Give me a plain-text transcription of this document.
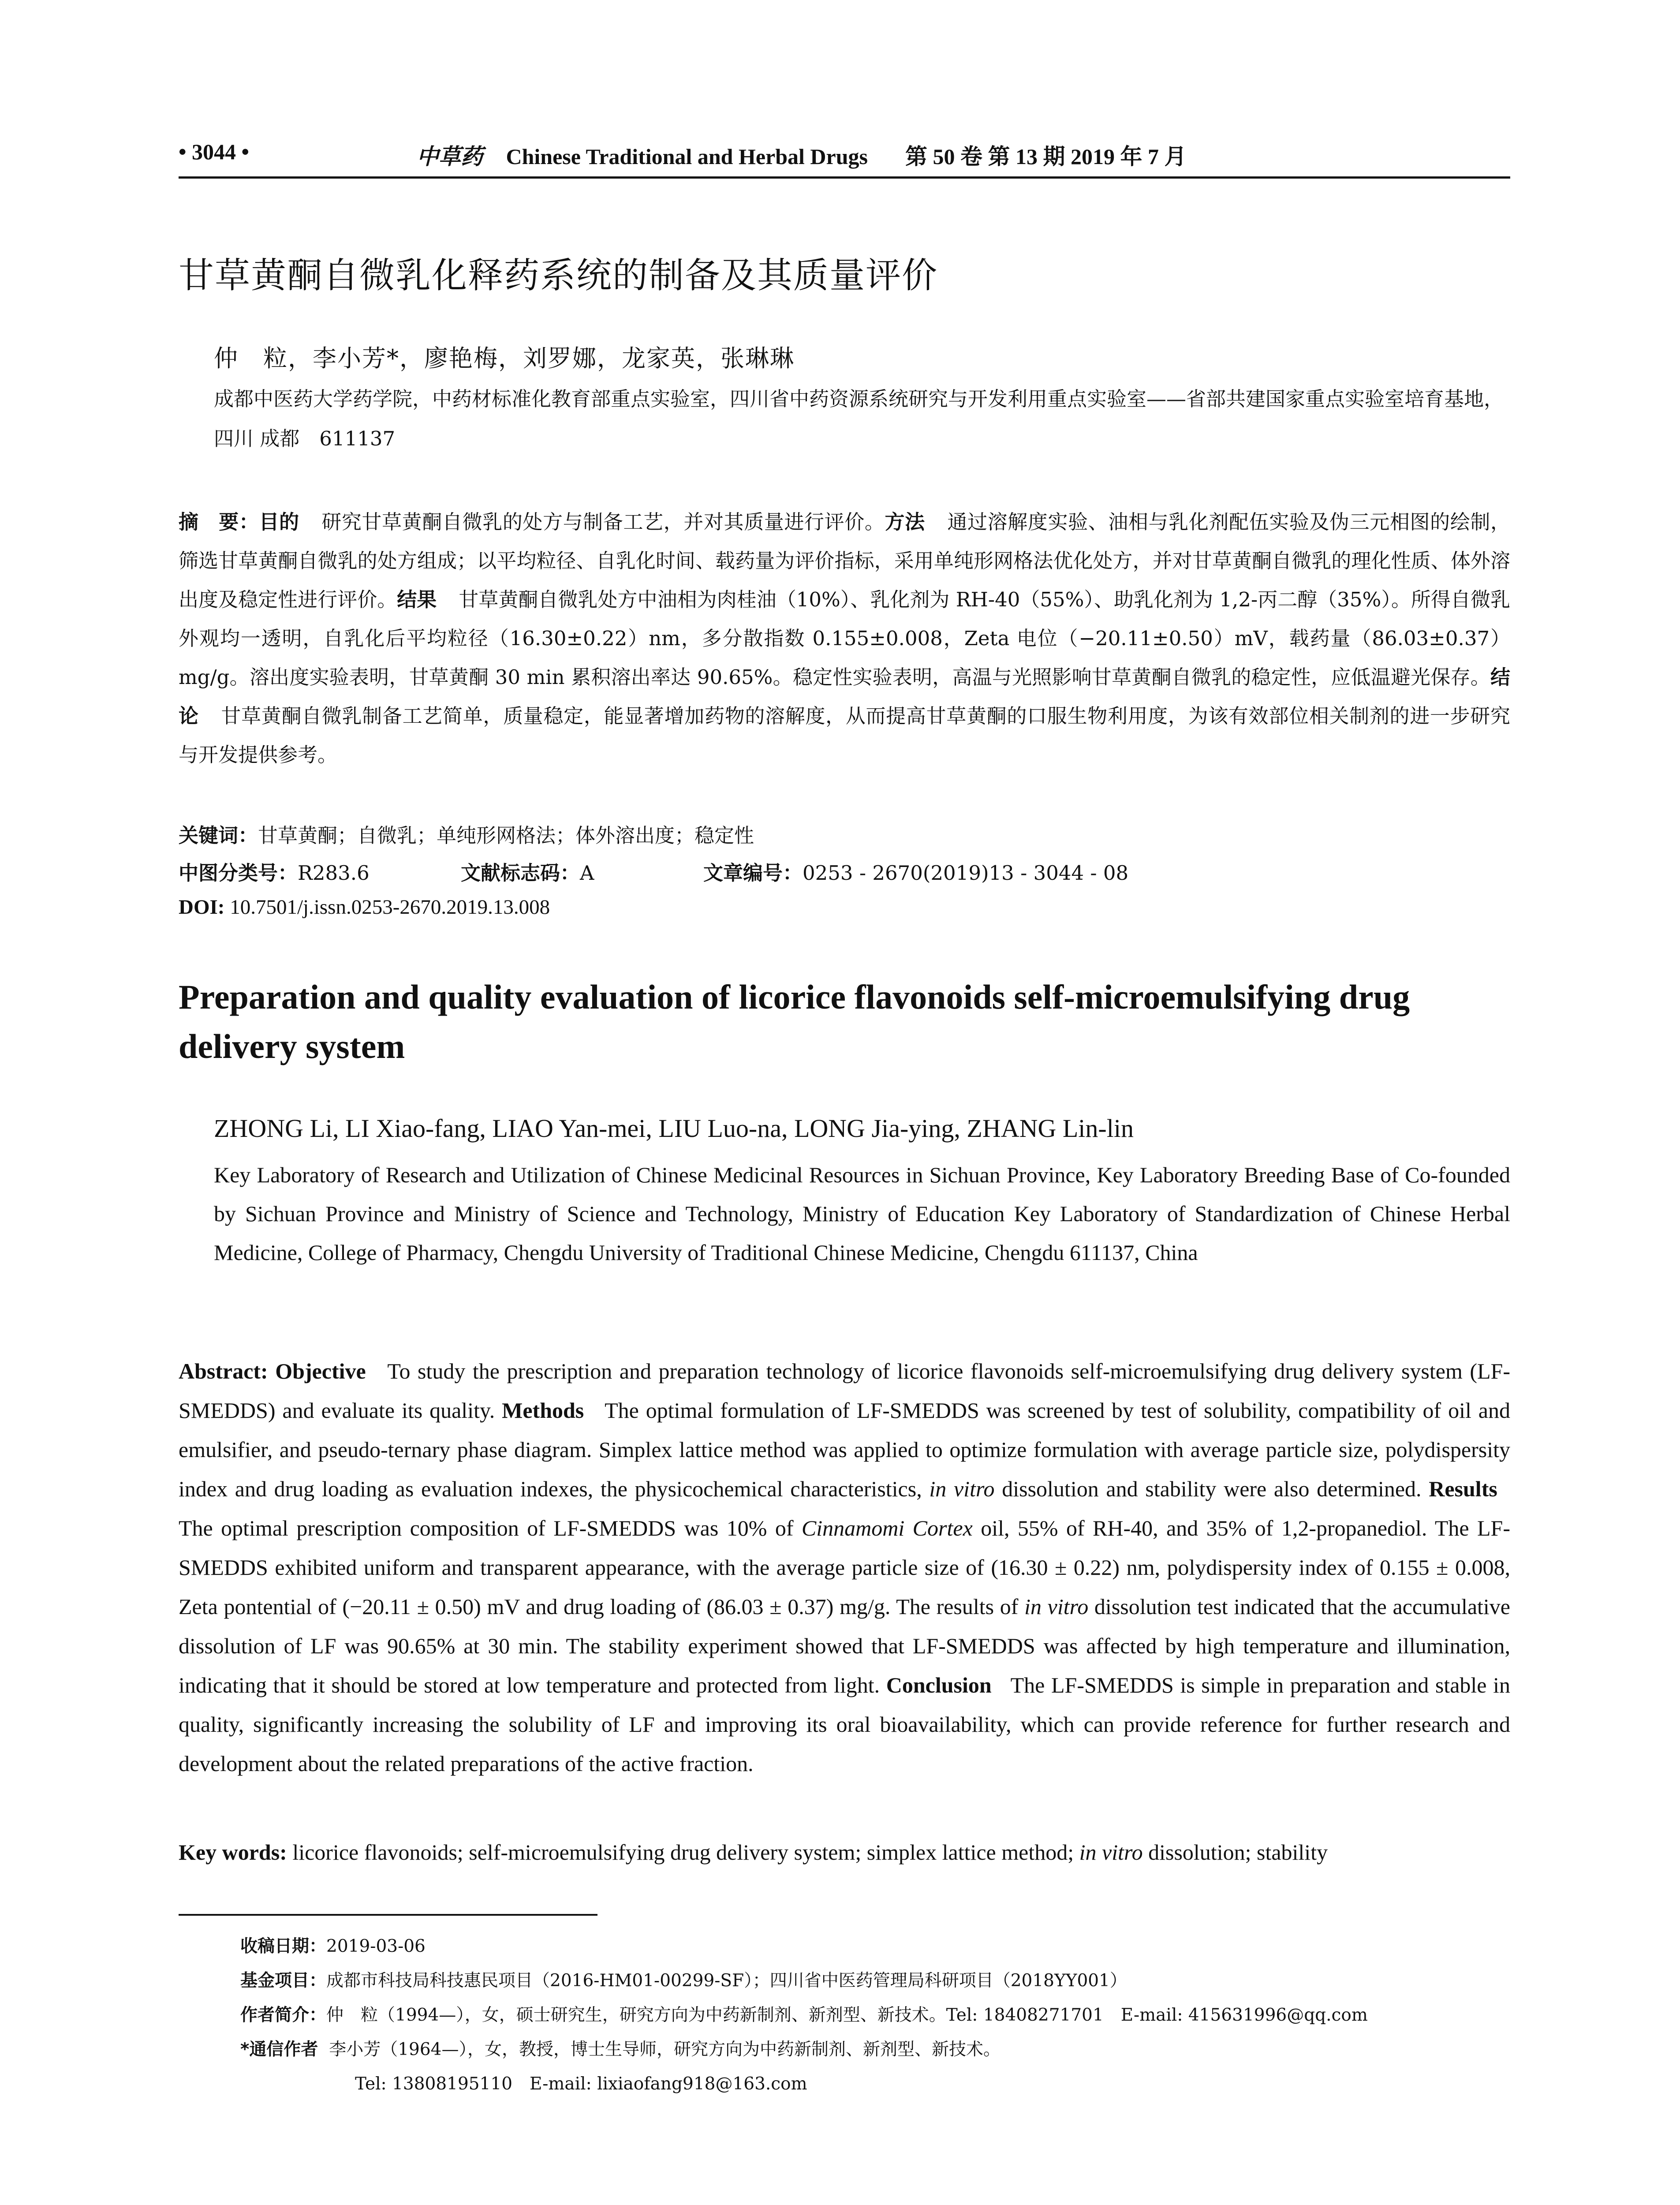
• 3044 •	中草药 Chinese Traditional and Herbal Drugs 第 50 卷 第 13 期 2019 年 7 月
甘草黄酮自微乳化释药系统的制备及其质量评价
仲　粒，李小芳*，廖艳梅，刘罗娜，龙家英，张琳琳
成都中医药大学药学院，中药材标准化教育部重点实验室，四川省中药资源系统研究与开发利用重点实验室——省部共建国家重点实验室培育基地，四川 成都　611137
摘　要：目的 研究甘草黄酮自微乳的处方与制备工艺，并对其质量进行评价。方法 通过溶解度实验、油相与乳化剂配伍实验及伪三元相图的绘制，筛选甘草黄酮自微乳的处方组成；以平均粒径、自乳化时间、载药量为评价指标，采用单纯形网格法优化处方，并对甘草黄酮自微乳的理化性质、体外溶出度及稳定性进行评价。结果 甘草黄酮自微乳处方中油相为肉桂油（10%）、乳化剂为 RH-40（55%）、助乳化剂为 1,2-丙二醇（35%）。所得自微乳外观均一透明，自乳化后平均粒径（16.30±0.22）nm，多分散指数 0.155±0.008，Zeta 电位（−20.11±0.50）mV，载药量（86.03±0.37）mg/g。溶出度实验表明，甘草黄酮 30 min 累积溶出率达 90.65%。稳定性实验表明，高温与光照影响甘草黄酮自微乳的稳定性，应低温避光保存。结论 甘草黄酮自微乳制备工艺简单，质量稳定，能显著增加药物的溶解度，从而提高甘草黄酮的口服生物利用度，为该有效部位相关制剂的进一步研究与开发提供参考。
关键词：甘草黄酮；自微乳；单纯形网格法；体外溶出度；稳定性
中图分类号：R283.6	文献标志码：A	文章编号：0253 - 2670(2019)13 - 3044 - 08
DOI: 10.7501/j.issn.0253-2670.2019.13.008
Preparation and quality evaluation of licorice flavonoids self-microemulsifying drug delivery system
ZHONG Li, LI Xiao-fang, LIAO Yan-mei, LIU Luo-na, LONG Jia-ying, ZHANG Lin-lin
Key Laboratory of Research and Utilization of Chinese Medicinal Resources in Sichuan Province, Key Laboratory Breeding Base of Co-founded by Sichuan Province and Ministry of Science and Technology, Ministry of Education Key Laboratory of Standardization of Chinese Herbal Medicine, College of Pharmacy, Chengdu University of Traditional Chinese Medicine, Chengdu 611137, China
Abstract: Objective To study the prescription and preparation technology of licorice flavonoids self-microemulsifying drug delivery system (LF-SMEDDS) and evaluate its quality. Methods The optimal formulation of LF-SMEDDS was screened by test of solubility, compatibility of oil and emulsifier, and pseudo-ternary phase diagram. Simplex lattice method was applied to optimize formulation with average particle size, polydispersity index and drug loading as evaluation indexes, the physicochemical characteristics, in vitro dissolution and stability were also determined. Results   The optimal prescription composition of LF-SMEDDS was 10% of Cinnamomi Cortex oil, 55% of RH-40, and 35% of 1,2-propanediol. The LF-SMEDDS exhibited uniform and transparent appearance, with the average particle size of (16.30 ± 0.22) nm, polydispersity index of 0.155 ± 0.008, Zeta pontential of (−20.11 ± 0.50) mV and drug loading of (86.03 ± 0.37) mg/g. The results of in vitro dissolution test indicated that the accumulative dissolution of LF was 90.65% at 30 min. The stability experiment showed that LF-SMEDDS was affected by high temperature and illumination, indicating that it should be stored at low temperature and protected from light. Conclusion The LF-SMEDDS is simple in preparation and stable in quality, significantly increasing the solubility of LF and improving its oral bioavailability, which can provide reference for further research and development about the related preparations of the active fraction.
Key words: licorice flavonoids; self-microemulsifying drug delivery system; simplex lattice method; in vitro dissolution; stability
收稿日期：2019-03-06
基金项目：成都市科技局科技惠民项目（2016-HM01-00299-SF）；四川省中医药管理局科研项目（2018YY001）
作者简介：仲　粒（1994—），女，硕士研究生，研究方向为中药新制剂、新剂型、新技术。Tel: 18408271701　E-mail: 415631996@qq.com
*通信作者 李小芳（1964—），女，教授，博士生导师，研究方向为中药新制剂、新剂型、新技术。
Tel: 13808195110　E-mail: lixiaofang918@163.com
